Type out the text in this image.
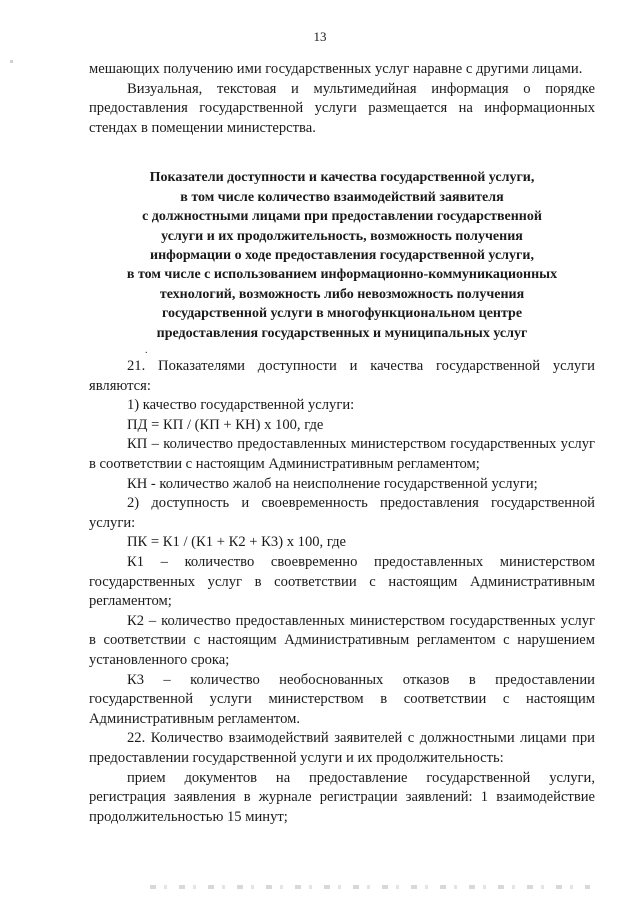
13

мешающих получению ими государственных услуг наравне с другими лицами.

Визуальная, текстовая и мультимедийная информация о порядке предоставления государственной услуги размещается на информационных стендах в помещении министерства.

Показатели доступности и качества государственной услуги,
в том числе количество взаимодействий заявителя
с должностными лицами при предоставлении государственной
услуги и их продолжительность, возможность получения
информации о ходе предоставления государственной услуги,
в том числе с использованием информационно-коммуникационных
технологий, возможность либо невозможность получения
государственной услуги в многофункциональном центре
предоставления государственных и муниципальных услуг
.

21. Показателями доступности и качества государственной услуги являются:

1) качество государственной услуги:

ПД = КП / (КП + КН) х 100, где

КП – количество предоставленных министерством государственных услуг в соответствии с настоящим Административным регламентом;

КН - количество жалоб на неисполнение государственной услуги;

2) доступность и своевременность предоставления государственной услуги:

ПК = К1 / (К1 + К2 + К3) х 100, где

К1 – количество своевременно предоставленных министерством государственных услуг в соответствии с настоящим Административным регламентом;

К2 – количество предоставленных министерством государственных услуг в соответствии с настоящим Административным регламентом с нарушением установленного срока;

К3 – количество необоснованных отказов в предоставлении государственной услуги министерством в соответствии с настоящим Административным регламентом.

22. Количество взаимодействий заявителей с должностными лицами при предоставлении государственной услуги и их продолжительность:

прием документов на предоставление государственной услуги, регистрация заявления в журнале регистрации заявлений: 1 взаимодействие продолжительностью 15 минут;
